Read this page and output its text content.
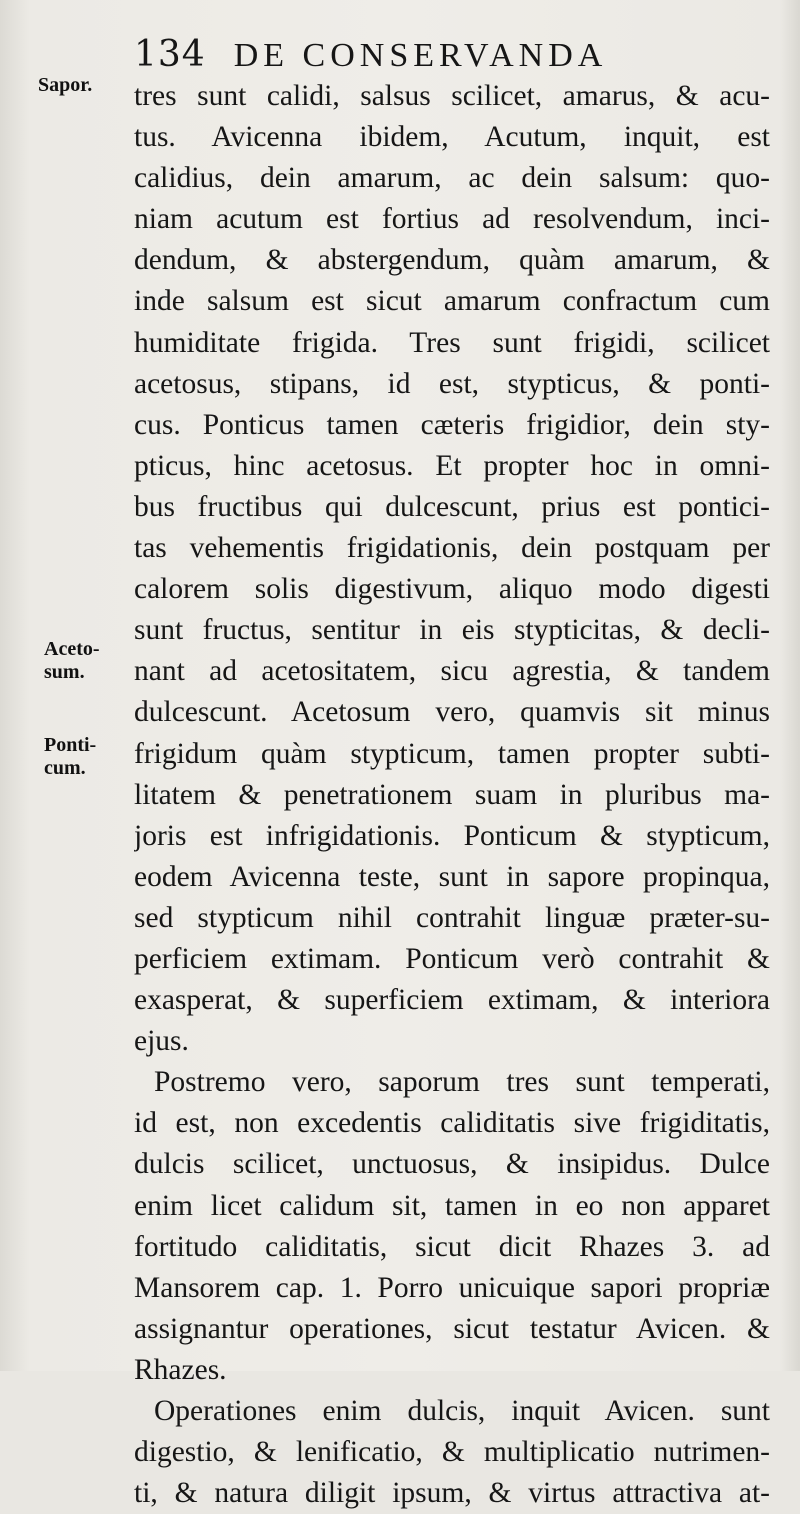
134 DE CONSERVANDA
Sapor.
Aceto-
sum.
Ponti-
cum.
tres sunt calidi, salsus scilicet, amarus, & acu-
tus. Avicenna ibidem, Acutum, inquit, est
calidius, dein amarum, ac dein salsum: quo-
niam acutum est fortius ad resolvendum, inci-
dendum, & abstergendum, quàm amarum, &
inde salsum est sicut amarum confractum cum
humiditate frigida. Tres sunt frigidi, scilicet
acetosus, stipans, id est, stypticus, & ponti-
cus. Ponticus tamen cæteris frigidior, dein sty-
pticus, hinc acetosus. Et propter hoc in omni-
bus fructibus qui dulcescunt, prius est pontici-
tas vehementis frigidationis, dein postquam per
calorem solis digestivum, aliquo modo digesti
sunt fructus, sentitur in eis stypticitas, & decli-
nant ad acetositatem, sicu agrestia, & tandem
dulcescunt. Acetosum vero, quamvis sit minus
frigidum quàm stypticum, tamen propter subti-
litatem & penetrationem suam in pluribus ma-
joris est infrigidationis. Ponticum & stypticum,
eodem Avicenna teste, sunt in sapore propinqua,
sed stypticum nihil contrahit linguæ præter-su-
perficiem extimam. Ponticum verò contrahit &
exasperat, & superficiem extimam, & interiora
ejus.
Postremo vero, saporum tres sunt temperati,
id est, non excedentis caliditatis sive frigiditatis,
dulcis scilicet, unctuosus, & insipidus. Dulce
enim licet calidum sit, tamen in eo non apparet
fortitudo caliditatis, sicut dicit Rhazes 3. ad
Mansorem cap. 1. Porro unicuique sapori propriæ
assignantur operationes, sicut testatur Avicen. &
Rhazes.
Operationes enim dulcis, inquit Avicen. sunt
digestio, & lenificatio, & multiplicatio nutrimen-
ti, & natura diligit ipsum, & virtus attractiva at-
